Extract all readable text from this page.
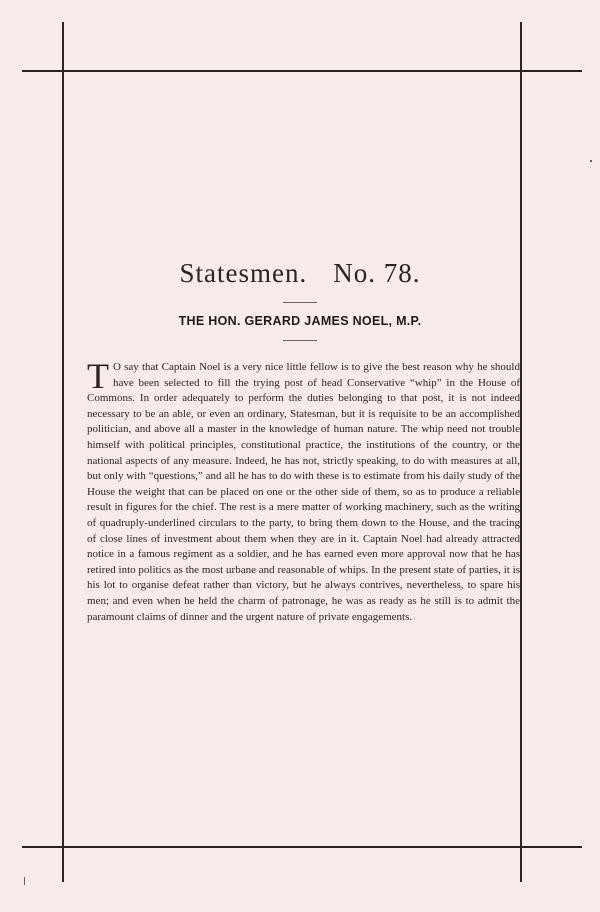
Statesmen. No. 78.
THE HON. GERARD JAMES NOEL, M.P.

T O say that Captain Noel is a very nice little fellow is to give the best reason why he should have been selected to fill the trying post of head Conservative “whip” in the House of Commons. In order adequately to perform the duties belonging to that post, it is not indeed necessary to be an able, or even an ordinary, Statesman, but it is requisite to be an accomplished politician, and above all a master in the knowledge of human nature. The whip need not trouble himself with political principles, constitutional practice, the institutions of the country, or the national aspects of any measure. Indeed, he has not, strictly speaking, to do with measures at all, but only with “questions,” and all he has to do with these is to estimate from his daily study of the House the weight that can be placed on one or the other side of them, so as to produce a reliable result in figures for the chief. The rest is a mere matter of working machinery, such as the writing of quadruply-underlined circulars to the party, to bring them down to the House, and the tracing of close lines of investment about them when they are in it. Captain Noel had already attracted notice in a famous regiment as a soldier, and he has earned even more approval now that he has retired into politics as the most urbane and reasonable of whips. In the present state of parties, it is his lot to organise defeat rather than victory, but he always contrives, nevertheless, to spare his men; and even when he held the charm of patronage, he was as ready as he still is to admit the paramount claims of dinner and the urgent nature of private engagements.
